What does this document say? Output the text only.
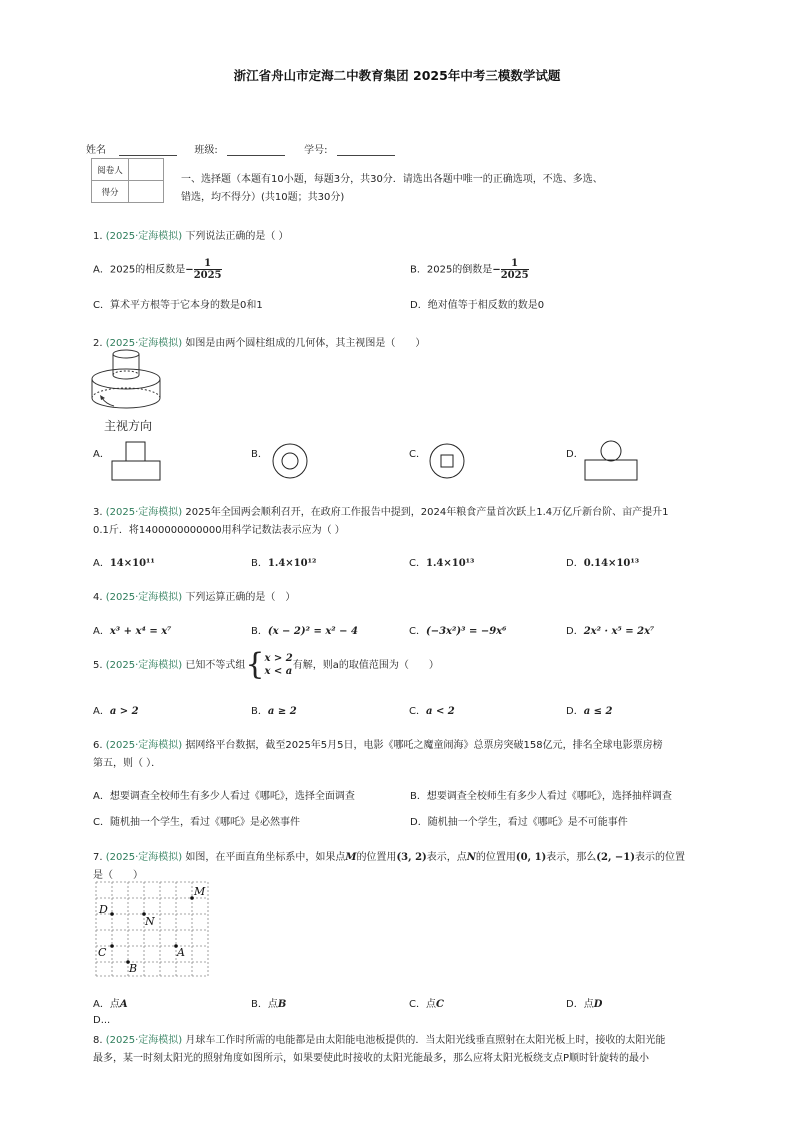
浙江省舟山市定海二中教育集团 2025年中考三模数学试题
姓名	班级:	学号:
阅卷人	
得分	
一、选择题（本题有10小题，每题3分，共30分．请选出各题中唯一的正确选项，不选、多选、
错选，均不得分）(共10题；共30分)
1. (2025·定海模拟) 下列说法正确的是（ ）
A．2025的相反数是− $\frac{1}{2025}$	B．2025的倒数是− $\frac{1}{2025}$
C．算术平方根等于它本身的数是0和1	D．绝对值等于相反数的数是0
2. (2025·定海模拟) 如图是由两个圆柱组成的几何体，其主视图是（　　）
主视方向
A．	B．	C．	D．
3. (2025·定海模拟) 2025年全国两会顺利召开，在政府工作报告中提到，2024年粮食产量首次跃上1.4万亿斤新台阶、亩产提升1
0.1斤．将1400000000000用科学记数法表示应为（ ）
A．14×10¹¹	B．1.4×10¹²	C．1.4×10¹³	D．0.14×10¹³
4. (2025·定海模拟) 下列运算正确的是（　）
A．x³ + x⁴ = x⁷	B．(x − 2)² = x² − 4	C．(−3x²)³ = −9x⁶	D．2x² · x⁵ = 2x⁷
5. (2025·定海模拟) 已知不等式组{ x > 2
x < a
有解，则a的取值范围为（　　）
A．a > 2	B．a ≥ 2	C．a < 2	D．a ≤ 2
6. (2025·定海模拟) 据网络平台数据，截至2025年5月5日，电影《哪吒之魔童闹海》总票房突破158亿元，排名全球电影票房榜
第五，则（ ）．
A．想要调查全校师生有多少人看过《哪吒》，选择全面调查	B．想要调查全校师生有多少人看过《哪吒》，选择抽样调查
C．随机抽一个学生，看过《哪吒》是必然事件	D．随机抽一个学生，看过《哪吒》是不可能事件
7. (2025·定海模拟) 如图，在平面直角坐标系中，如果点M的位置用(3, 2)表示，点N的位置用(0, 1)表示，那么(2, −1)表示的位置
是（　　）
M
D
N
C	A
B
A．点A	B．点B	C．点C	D．点D
D...
8. (2025·定海模拟) 月球车工作时所需的电能都是由太阳能电池板提供的．当太阳光线垂直照射在太阳光板上时，接收的太阳光能
最多，某一时刻太阳光的照射角度如图所示，如果要使此时接收的太阳光能最多，那么应将太阳光板绕支点P顺时针旋转的最小
